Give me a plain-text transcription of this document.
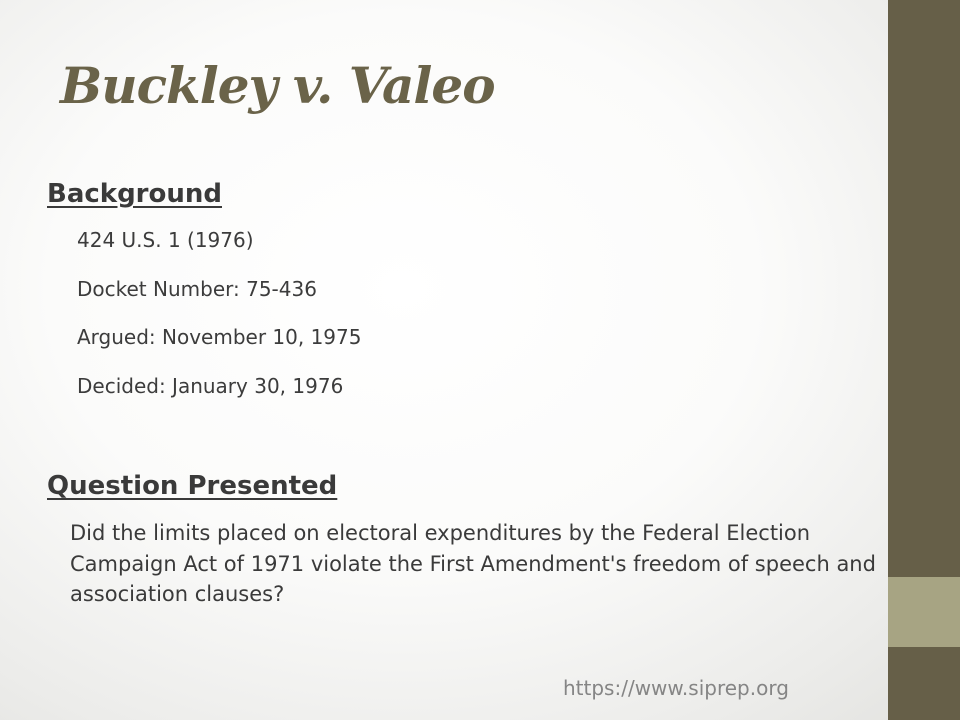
Buckley v. Valeo
Background
424 U.S. 1 (1976)
Docket Number: 75-436
Argued: November 10, 1975
Decided: January 30, 1976
Question Presented

Did the limits placed on electoral expenditures by the Federal Election Campaign Act of 1971 violate the First Amendment's freedom of speech and association clauses?

https://www.siprep.org
